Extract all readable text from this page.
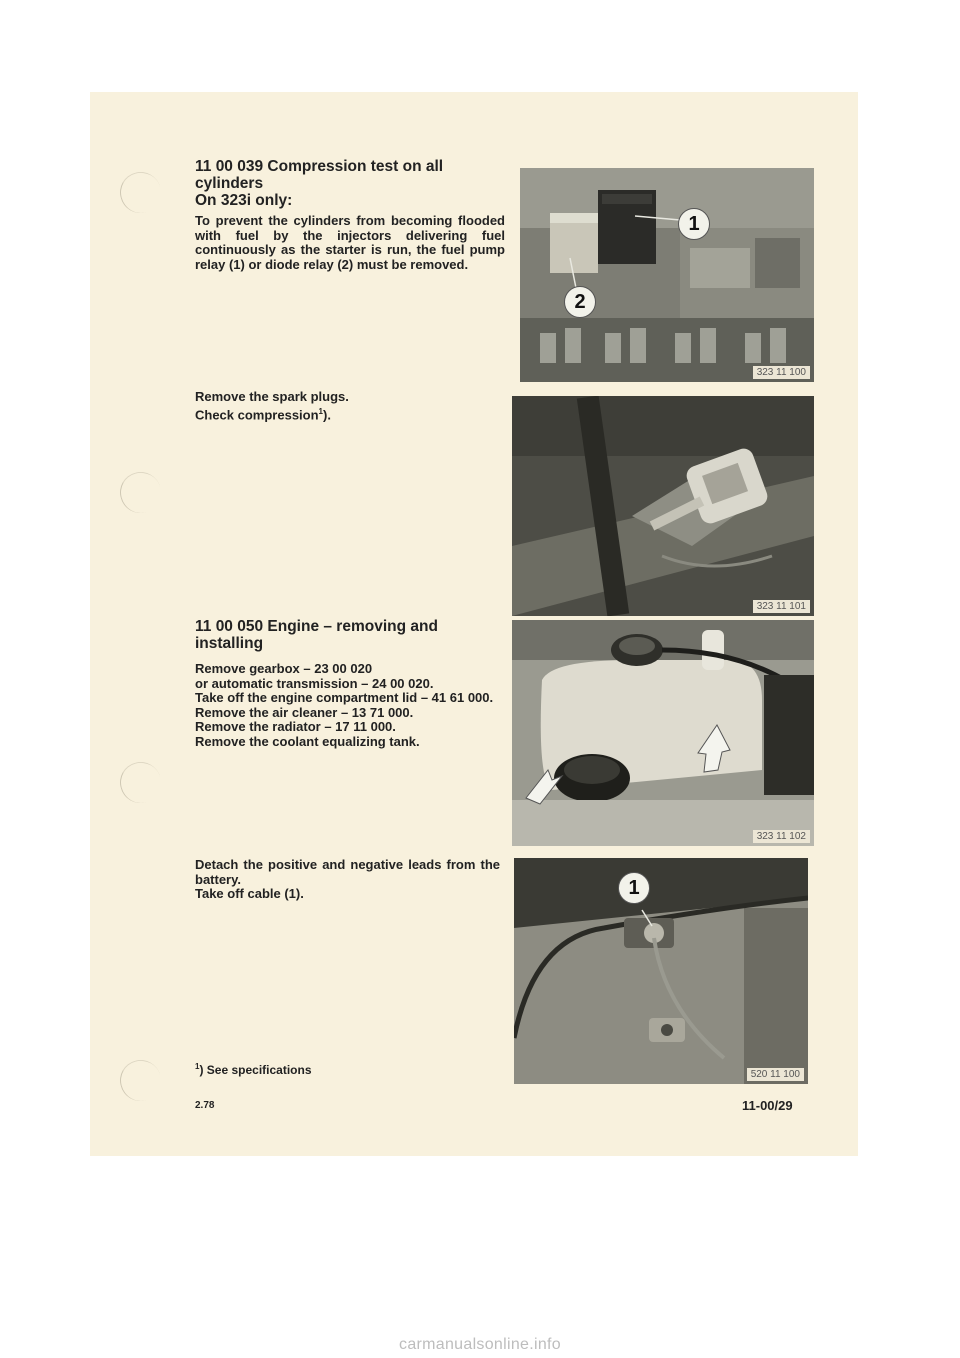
11 00 039 Compression test on all cylinders

On 323i only:

To prevent the cylinders from becoming flooded with fuel by the injectors delivering fuel continuously as the starter is run, the fuel pump relay (1) or diode relay (2) must be removed.

Remove the spark plugs.

Check compression$^1$).

11 00 050 Engine – removing and installing

Remove gearbox – 23 00 020

or automatic transmission – 24 00 020.

Take off the engine compartment lid – 41 61 000.

Remove the air cleaner – 13 71 000.

Remove the radiator – 17 11 000.

Remove the coolant equalizing tank.

Detach the positive and negative leads from the battery.

Take off cable (1).

$^1$) See specifications
2.78	11-00/29
1
2
323 11 100
323 11 101
323 11 102
1
520 11 100
carmanualsonline.info
